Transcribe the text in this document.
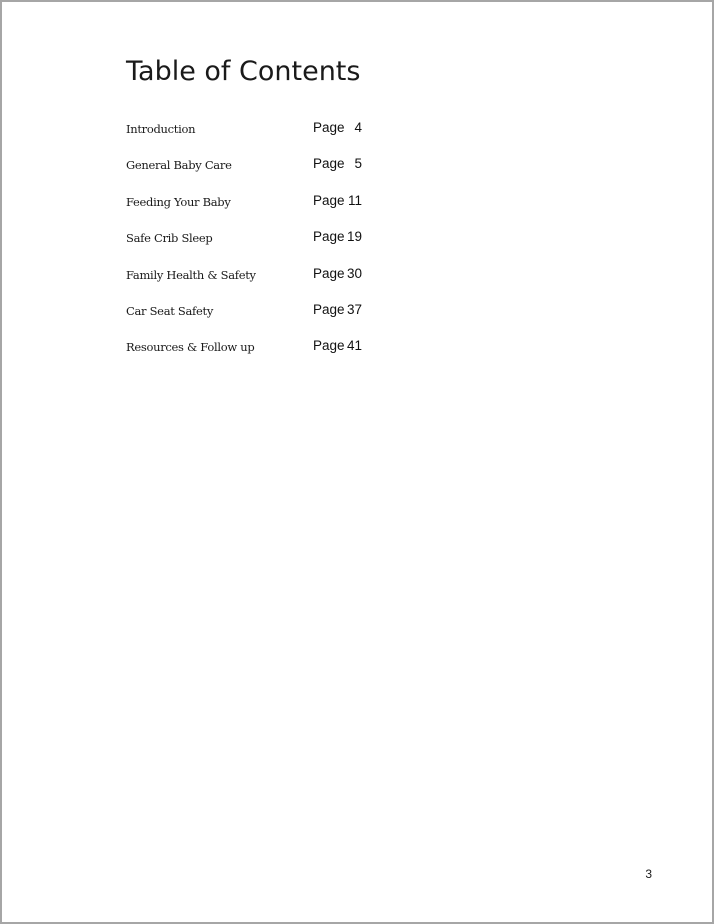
Table of Contents
Introduction	Page 4
General Baby Care	Page 5
Feeding Your Baby	Page 11
Safe Crib Sleep	Page 19
Family Health & Safety	Page 30
Car Seat Safety	Page 37
Resources & Follow up	Page 41
3
